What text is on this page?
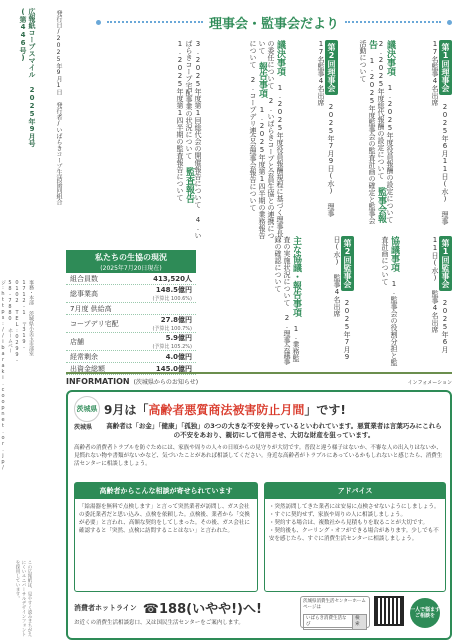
広報紙コープスマイル 2025年9月号 (第446号)	発行日/2025年9月1日 発行者/いばらきコープ生活協同組合
事務・本部 茨城県小美玉市部室1712-1 〒319-0102 TEL:0299-58-7880 ホームページ:https://ibaraki.coopnet.or.jp/
理事会・監事会だより
第1回理事会 2025年6月11日(水) 理事17名監事4名出席
議決事項 1.2025年度役員報酬の設定について 2.2025年度総代報酬の設定について 監事会報告 1.2025年度監事会の監査計画の確定と監事会活動について
第2回理事会 2025年7月9日(水) 理事17名監事4名出席
議決事項 1.2025年度役員報酬規程に基づく理事長の委任について 2.いばらきコープと会員生協との連携について 報告事項 1.2025年度第1四半期の業務報告について 2.コープデリ連合会理事会報告について
3.2025年度第1回総代会の開催報告について 4.いばらきコープ宅配事業の状況について 監査報告 1.2025年度第1四半期の監査報告について
第1回監事会 2025年6月11日(水) 監事4名出席
協議事項 1.監事会の役割分担と監査計画について
第2回監事会 2025年7月9日(水) 監事4名出席
主な協議・報告事項 1.業務監査の実施状況について 2.理事会議事録の確認について
私たちの生協の現況
(2025年7月20日現在)
組合員数	413,520人
総事業高	148.5億円
(予算比 100.6%)
7月度 供給高
コープデリ宅配	27.8億円
(予算比 100.7%)
店舗	5.9億円
(予算比 105.2%)
経常剰余	4.0億円
出資金総額	145.0億円
INFORMATION (茨城県からのお知らせ)	インフォメーション
茨城県 9月は「 高齢者悪質商法被害防止月間 」です!
茨城県	高齢者は「お金」「健康」「孤独」の3つの大きな不安を持っているといわれています。悪質業者は言葉巧みにこれらの不安をあおり、親切にして信用させ、大切な財産を狙っています。
高齢者の消費者トラブルを防ぐためには、家族や周りの人々の日頃からの見守りが大切です。普段と違う様子はないか、不審な人の出入りはないか、見慣れない物や書類がないかなど、気づいたことがあれば相談してください。身近な高齢者がトラブルにあっているかもしれないと感じたら、消費生活センターに相談しましょう。
高齢者からこんな相談が寄せられています
「給湯器を無料で点検します」と言って突然業者が訪問し、ガス会社の委託業者だと思い込み、点検を依頼した。点検後、業者から「交換が必要」と言われ、高額な契約をしてしまった。その後、ガス会社に確認すると「突然、点検に訪問することはない」と言われた。
アドバイス
・突然訪問してきた業者には安易に点検させないようにしましょう。
・すぐに契約せず、家族や周りの人に相談しましょう。
・契約する場合は、複数社から見積もりを取ることが大切です。
・契約後も、クーリング・オフができる場合があります。少しでも不安を感じたら、すぐに消費生活センターに相談しましょう。
消費者ホットライン ☎188(いやや!)へ!
お近くの消費生活相談窓口、又は国民生活センターをご案内します。
茨城県消費生活センターホームページは
いばらき消費生活なび
検索
一人で悩まずご相談を
この広報紙は、見やすく読みまちがえにくいユニバーサルデザインフォントを採用しています。
